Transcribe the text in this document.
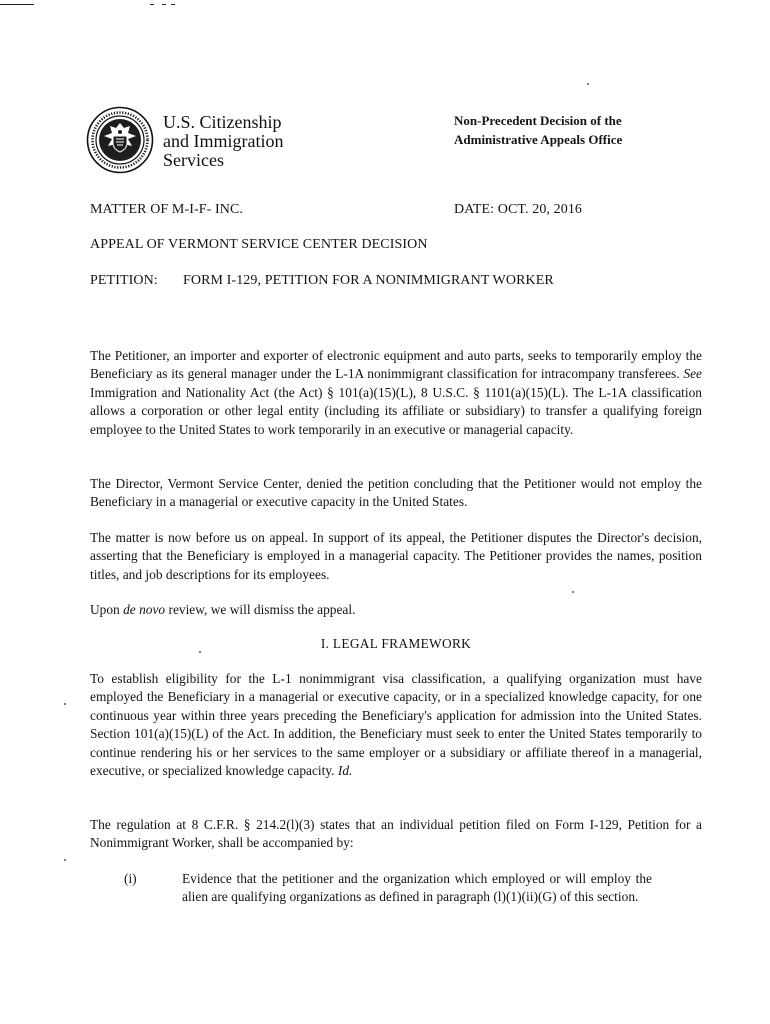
U.S. Citizenship
and Immigration
Services
Non-Precedent Decision of the
Administrative Appeals Office
MATTER OF M-I-F- INC.	DATE: OCT. 20, 2016
APPEAL OF VERMONT SERVICE CENTER DECISION
PETITION: FORM I-129, PETITION FOR A NONIMMIGRANT WORKER
The Petitioner, an importer and exporter of electronic equipment and auto parts, seeks to temporarily employ the Beneficiary as its general manager under the L-1A nonimmigrant classification for intracompany transferees. See Immigration and Nationality Act (the Act) § 101(a)(15)(L), 8 U.S.C. § 1101(a)(15)(L). The L-1A classification allows a corporation or other legal entity (including its affiliate or subsidiary) to transfer a qualifying foreign employee to the United States to work temporarily in an executive or managerial capacity.
The Director, Vermont Service Center, denied the petition concluding that the Petitioner would not employ the Beneficiary in a managerial or executive capacity in the United States.
The matter is now before us on appeal. In support of its appeal, the Petitioner disputes the Director's decision, asserting that the Beneficiary is employed in a managerial capacity. The Petitioner provides the names, position titles, and job descriptions for its employees.
Upon de novo review, we will dismiss the appeal.
I. LEGAL FRAMEWORK
To establish eligibility for the L-1 nonimmigrant visa classification, a qualifying organization must have employed the Beneficiary in a managerial or executive capacity, or in a specialized knowledge capacity, for one continuous year within three years preceding the Beneficiary's application for admission into the United States. Section 101(a)(15)(L) of the Act. In addition, the Beneficiary must seek to enter the United States temporarily to continue rendering his or her services to the same employer or a subsidiary or affiliate thereof in a managerial, executive, or specialized knowledge capacity. Id.
The regulation at 8 C.F.R. § 214.2(l)(3) states that an individual petition filed on Form I-129, Petition for a Nonimmigrant Worker, shall be accompanied by:
(i)	Evidence that the petitioner and the organization which employed or will employ the alien are qualifying organizations as defined in paragraph (l)(1)(ii)(G) of this section.
